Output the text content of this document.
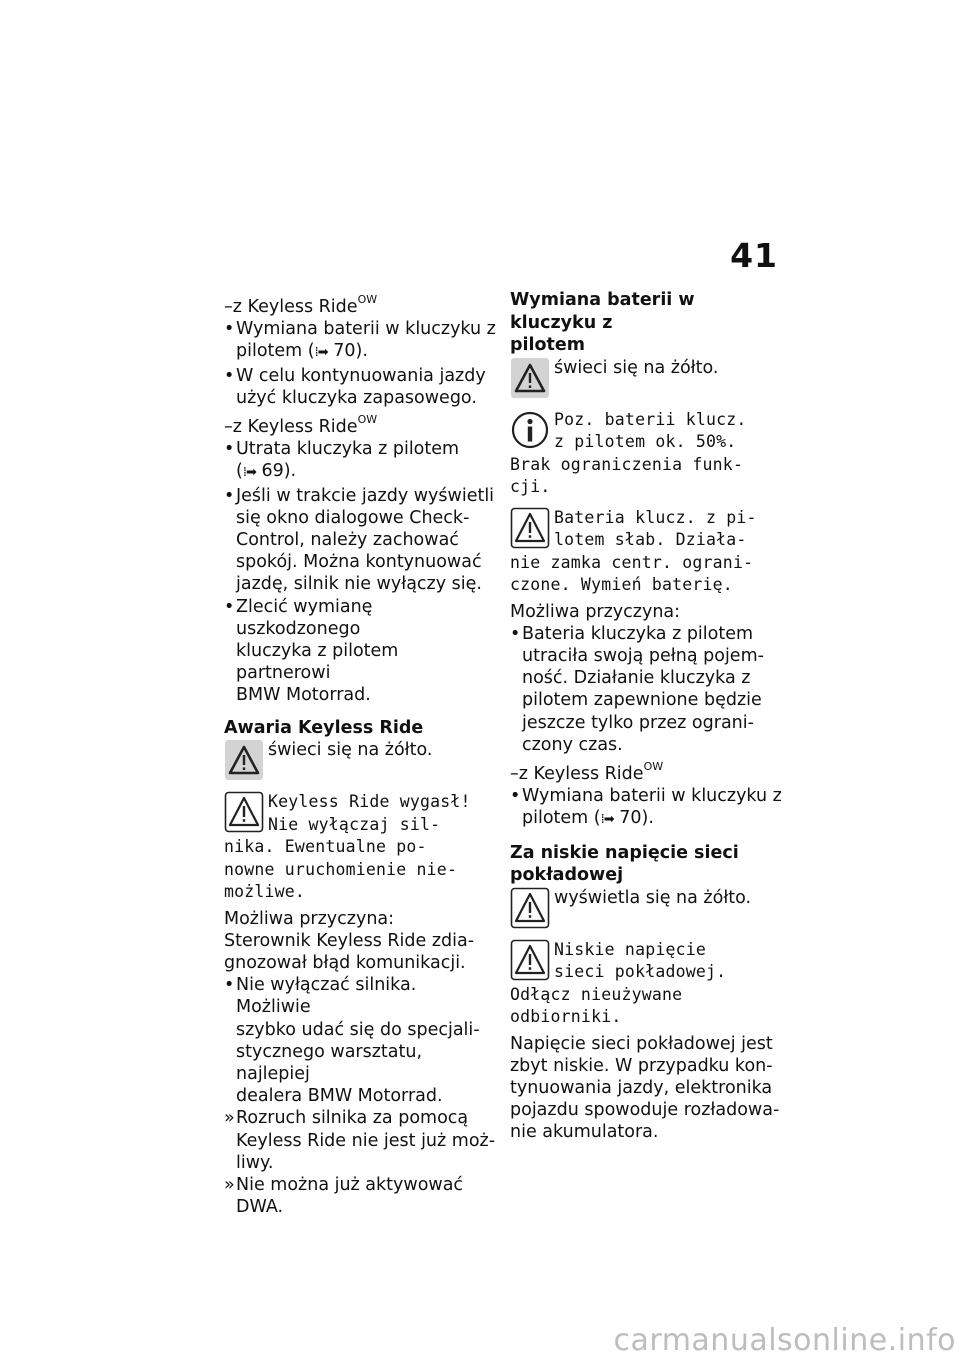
41
–z Keyless Ride$^{OW}$
• Wymiana baterii w kluczyku z
pilotem (⁞➡ 70).
• W celu kontynuowania jazdy
użyć kluczyka zapasowego.
–z Keyless Ride$^{OW}$
• Utrata kluczyka z pilotem
(⁞➡ 69).
• Jeśli w trakcie jazdy wyświetli
się okno dialogowe Check-
Control, należy zachować
spokój. Można kontynuować
jazdę, silnik nie wyłączy się.
• Zlecić wymianę uszkodzonego
kluczyka z pilotem partnerowi
BMW Motorrad.
Awaria Keyless Ride
świeci się na żółto.
Keyless Ride wygasł!
Nie wyłączaj sil-
nika. Ewentualne po-
nowne uruchomienie nie-
możliwe.
Możliwa przyczyna:
Sterownik Keyless Ride zdia-
gnozował błąd komunikacji.
• Nie wyłączać silnika. Możliwie
szybko udać się do specjali-
stycznego warsztatu, najlepiej
dealera BMW Motorrad.
» Rozruch silnika za pomocą
Keyless Ride nie jest już moż-
liwy.
» Nie można już aktywować
DWA.
Wymiana baterii w kluczyku z
pilotem
świeci się na żółto.
Poz. baterii klucz.
z pilotem ok. 50%.
Brak ograniczenia funk-
cji.
Bateria klucz. z pi-
lotem słab. Działa-
nie zamka centr. ograni-
czone. Wymień baterię.
Możliwa przyczyna:
• Bateria kluczyka z pilotem
utraciła swoją pełną pojem-
ność. Działanie kluczyka z
pilotem zapewnione będzie
jeszcze tylko przez ograni-
czony czas.
–z Keyless Ride$^{OW}$
• Wymiana baterii w kluczyku z
pilotem (⁞➡ 70).
Za niskie napięcie sieci
pokładowej
wyświetla się na żółto.
Niskie napięcie
sieci pokładowej.
Odłącz nieużywane
odbiorniki.
Napięcie sieci pokładowej jest
zbyt niskie. W przypadku kon-
tynuowania jazdy, elektronika
pojazdu spowoduje rozładowa-
nie akumulatora.
carmanualsonline.info
